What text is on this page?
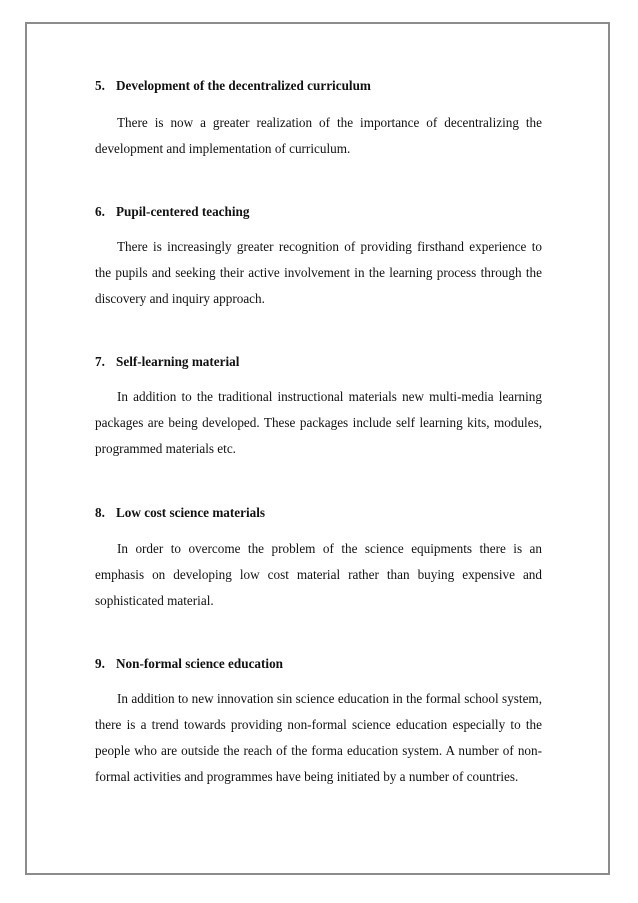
5. Development of the decentralized curriculum

There is now a greater realization of the importance of decentralizing the development and implementation of curriculum.

6. Pupil-centered teaching

There is increasingly greater recognition of providing firsthand experience to the pupils and seeking their active involvement in the learning process through the discovery and inquiry approach.

7. Self-learning material

In addition to the traditional instructional materials new multi-media learning packages are being developed. These packages include self learning kits, modules, programmed materials etc.

8. Low cost science materials

In order to overcome the problem of the science equipments there is an emphasis on developing low cost material rather than buying expensive and sophisticated material.

9. Non-formal science education

In addition to new innovation sin science education in the formal school system, there is a trend towards providing non-formal science education especially to the people who are outside the reach of the forma education system. A number of non-formal activities and programmes have being initiated by a number of countries.
